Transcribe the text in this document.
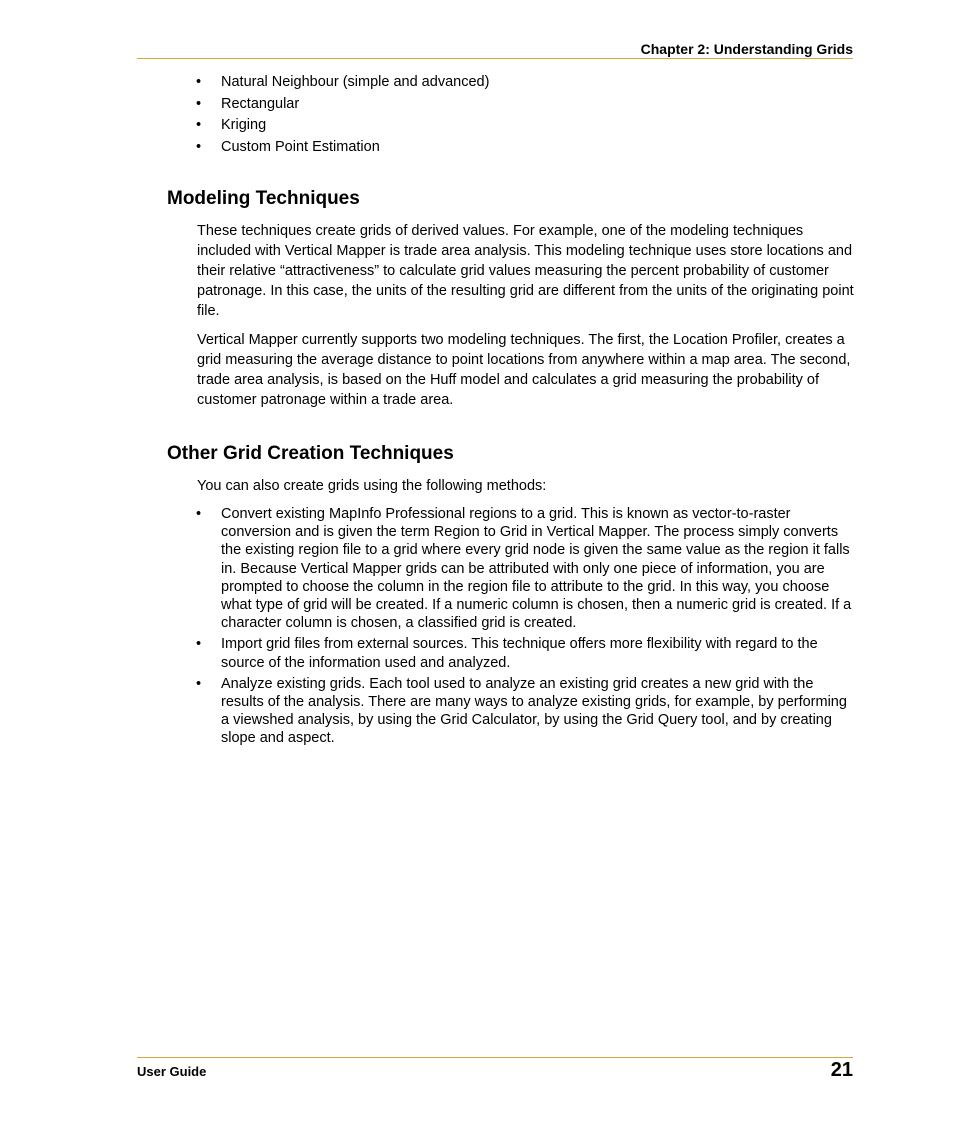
Chapter 2: Understanding Grids
• Natural Neighbour (simple and advanced)
• Rectangular
• Kriging
• Custom Point Estimation
Modeling Techniques

These techniques create grids of derived values. For example, one of the modeling techniques included with Vertical Mapper is trade area analysis. This modeling technique uses store locations and their relative “attractiveness” to calculate grid values measuring the percent probability of customer patronage. In this case, the units of the resulting grid are different from the units of the originating point file.

Vertical Mapper currently supports two modeling techniques. The first, the Location Profiler, creates a grid measuring the average distance to point locations from anywhere within a map area. The second, trade area analysis, is based on the Huff model and calculates a grid measuring the probability of customer patronage within a trade area.

Other Grid Creation Techniques

You can also create grids using the following methods:

• Convert existing MapInfo Professional regions to a grid. This is known as vector-to-raster conversion and is given the term Region to Grid in Vertical Mapper. The process simply converts the existing region file to a grid where every grid node is given the same value as the region it falls in. Because Vertical Mapper grids can be attributed with only one piece of information, you are prompted to choose the column in the region file to attribute to the grid. In this way, you choose what type of grid will be created. If a numeric column is chosen, then a numeric grid is created. If a character column is chosen, a classified grid is created.
• Import grid files from external sources. This technique offers more flexibility with regard to the source of the information used and analyzed.
• Analyze existing grids. Each tool used to analyze an existing grid creates a new grid with the results of the analysis. There are many ways to analyze existing grids, for example, by performing a viewshed analysis, by using the Grid Calculator, by using the Grid Query tool, and by creating slope and aspect.
User Guide	21
